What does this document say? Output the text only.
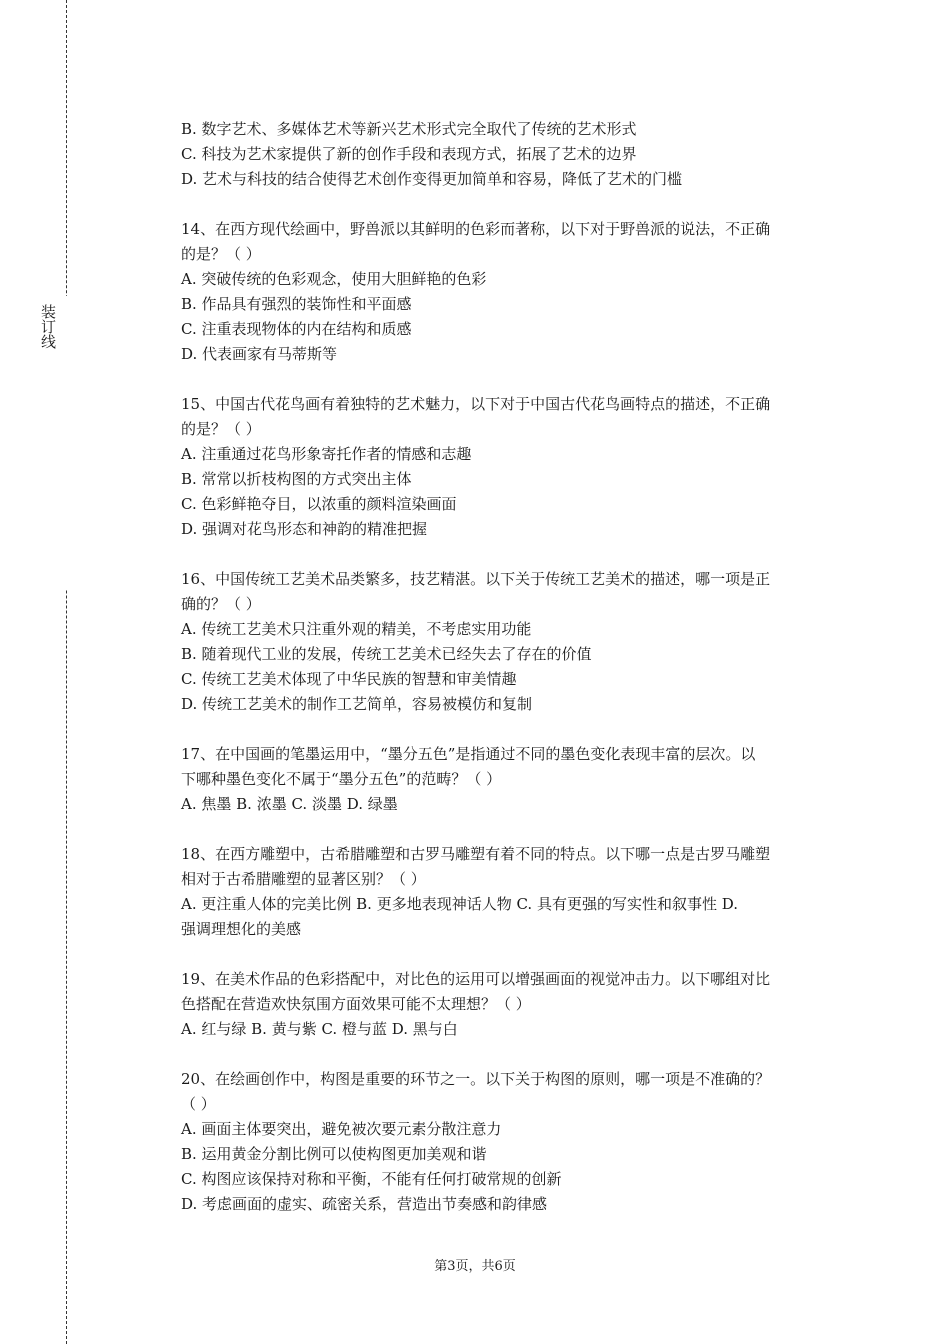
装订线
B. 数字艺术、多媒体艺术等新兴艺术形式完全取代了传统的艺术形式
C. 科技为艺术家提供了新的创作手段和表现方式，拓展了艺术的边界
D. 艺术与科技的结合使得艺术创作变得更加简单和容易，降低了艺术的门槛
14、在西方现代绘画中，野兽派以其鲜明的色彩而著称，以下对于野兽派的说法，不正确
的是？（ ）
A. 突破传统的色彩观念，使用大胆鲜艳的色彩
B. 作品具有强烈的装饰性和平面感
C. 注重表现物体的内在结构和质感
D. 代表画家有马蒂斯等
15、中国古代花鸟画有着独特的艺术魅力，以下对于中国古代花鸟画特点的描述，不正确
的是？（ ）
A. 注重通过花鸟形象寄托作者的情感和志趣
B. 常常以折枝构图的方式突出主体
C. 色彩鲜艳夺目，以浓重的颜料渲染画面
D. 强调对花鸟形态和神韵的精准把握
16、中国传统工艺美术品类繁多，技艺精湛。以下关于传统工艺美术的描述，哪一项是正
确的？（ ）
A. 传统工艺美术只注重外观的精美，不考虑实用功能
B. 随着现代工业的发展，传统工艺美术已经失去了存在的价值
C. 传统工艺美术体现了中华民族的智慧和审美情趣
D. 传统工艺美术的制作工艺简单，容易被模仿和复制
17、在中国画的笔墨运用中，“墨分五色”是指通过不同的墨色变化表现丰富的层次。以
下哪种墨色变化不属于“墨分五色”的范畴？（ ）
A. 焦墨 B. 浓墨 C. 淡墨 D. 绿墨
18、在西方雕塑中，古希腊雕塑和古罗马雕塑有着不同的特点。以下哪一点是古罗马雕塑
相对于古希腊雕塑的显著区别？（ ）
A. 更注重人体的完美比例 B. 更多地表现神话人物 C. 具有更强的写实性和叙事性 D.
强调理想化的美感
19、在美术作品的色彩搭配中，对比色的运用可以增强画面的视觉冲击力。以下哪组对比
色搭配在营造欢快氛围方面效果可能不太理想？（ ）
A. 红与绿 B. 黄与紫 C. 橙与蓝 D. 黑与白
20、在绘画创作中，构图是重要的环节之一。以下关于构图的原则，哪一项是不准确的？
（ ）
A. 画面主体要突出，避免被次要元素分散注意力
B. 运用黄金分割比例可以使构图更加美观和谐
C. 构图应该保持对称和平衡，不能有任何打破常规的创新
D. 考虑画面的虚实、疏密关系，营造出节奏感和韵律感
第3页，共6页
